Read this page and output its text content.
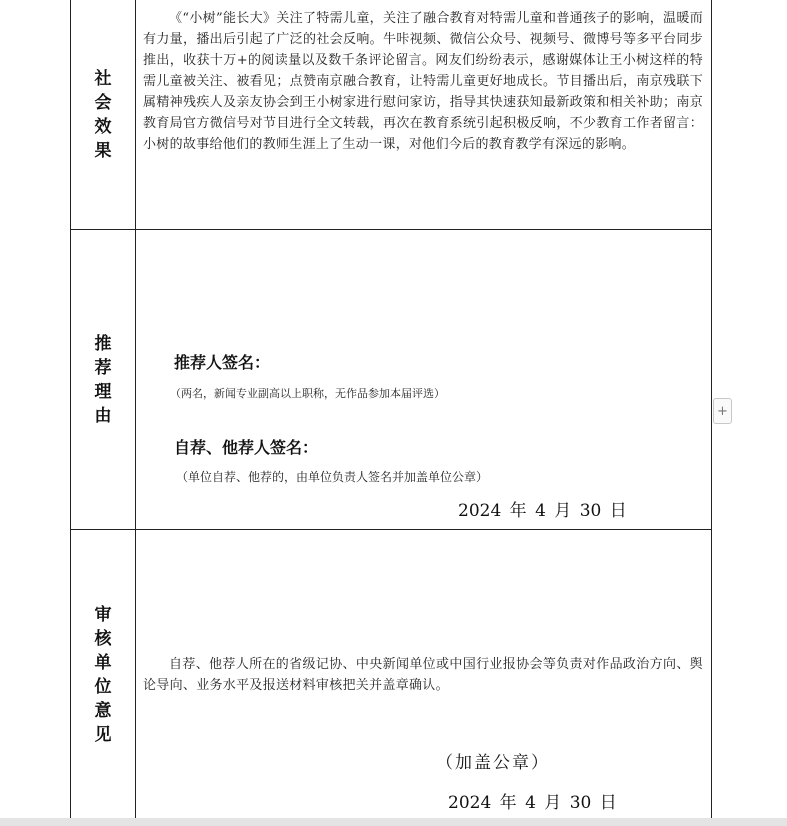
社会效果
《“小树”能长大》关注了特需儿童，关注了融合教育对特需儿童和普通孩子的影响，温暖而有力量，播出后引起了广泛的社会反响。牛咔视频、微信公众号、视频号、微博号等多平台同步推出，收获十万+的阅读量以及数千条评论留言。网友们纷纷表示，感谢媒体让王小树这样的特需儿童被关注、被看见；点赞南京融合教育，让特需儿童更好地成长。节目播出后，南京残联下属精神残疾人及亲友协会到王小树家进行慰问家访，指导其快速获知最新政策和相关补助；南京教育局官方微信号对节目进行全文转载，再次在教育系统引起积极反响，不少教育工作者留言：小树的故事给他们的教师生涯上了生动一课，对他们今后的教育教学有深远的影响。
推荐理由
推荐人签名：
（两名，新闻专业副高以上职称，无作品参加本届评选）
自荐、他荐人签名：
（单位自荐、他荐的，由单位负责人签名并加盖单位公章）
2024 年 4 月 30 日
审核单位意见
自荐、他荐人所在的省级记协、中央新闻单位或中国行业报协会等负责对作品政治方向、舆论导向、业务水平及报送材料审核把关并盖章确认。
（加盖公章）
2024 年 4 月 30 日
+
